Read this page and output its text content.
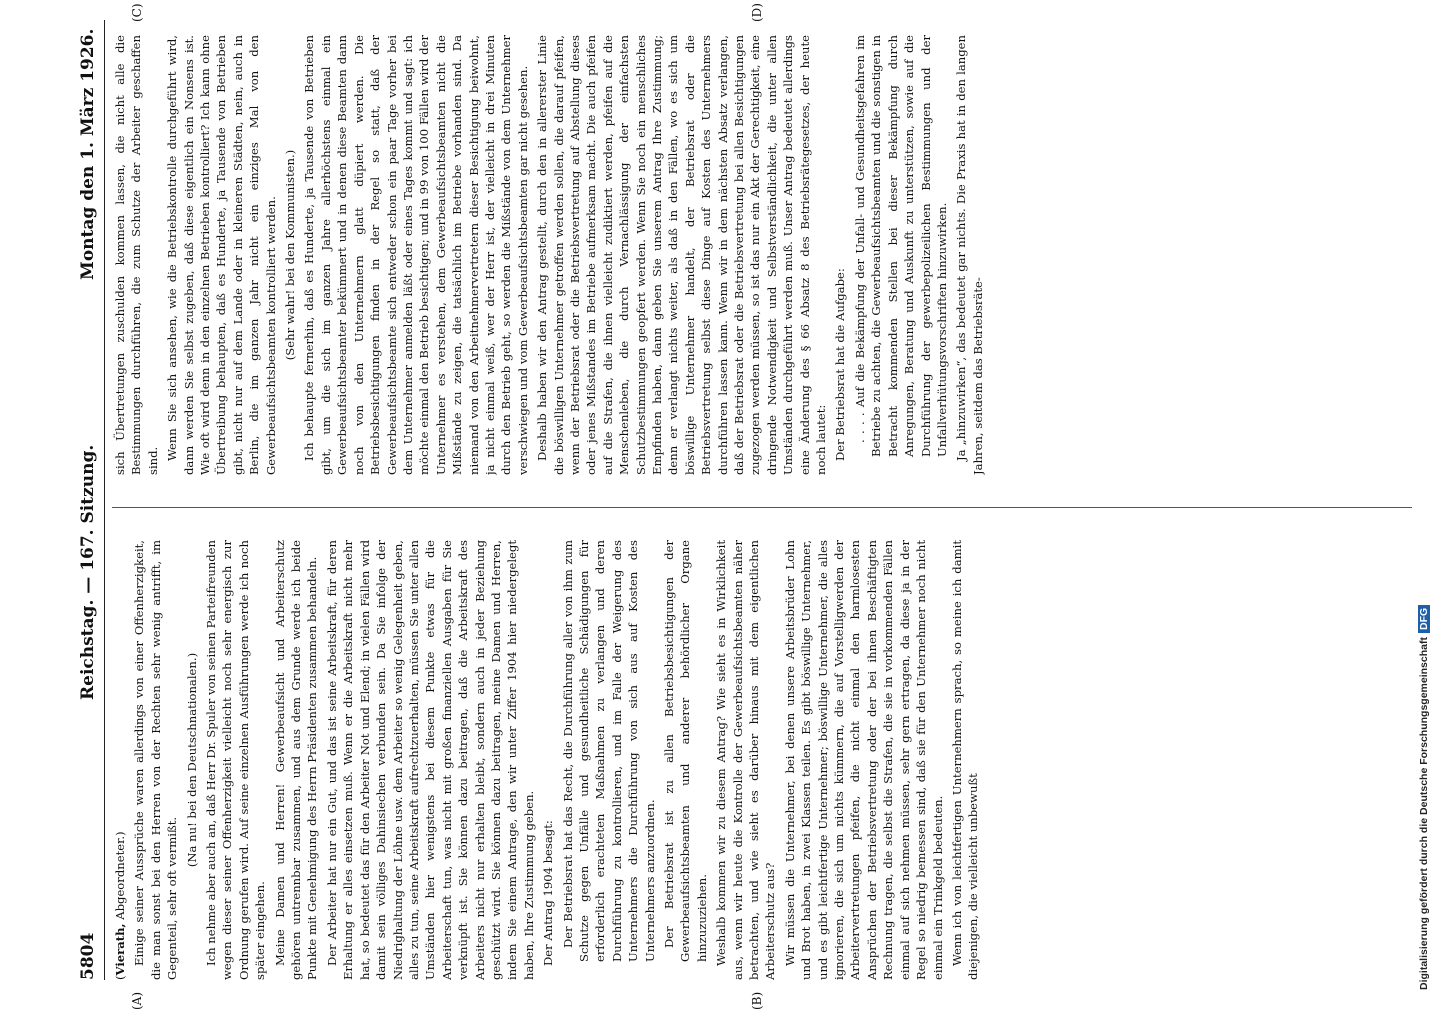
5804
Reichstag. — 167. Sitzung.
Montag den 1. März 1926.
(A)	(B)
(C)	(D)

(Vierath, Abgeordneter.) Einige seiner Aussprüche waren allerdings von einer Offenherzigkeit, die man sonst bei den Herren von der Rechten sehr wenig antrifft, im Gegenteil, sehr oft vermißt.

(Na nu! bei den Deutschnationalen.) Ich nehme aber auch an, daß Herr Dr. Spuler von seinen Parteifreunden wegen dieser seiner Offenherzigkeit vielleicht noch sehr energisch zur Ordnung gerufen wird. Auf seine einzelnen Ausführungen werde ich noch später eingehen. Meine Damen und Herren! Gewerbeaufsicht und Arbeiterschutz gehören untrennbar zusammen, und aus dem Grunde werde ich beide Punkte mit Genehmigung des Herrn Präsidenten zusammen behandeln. Der Arbeiter hat nur ein Gut, und das ist seine Arbeitskraft, für deren Erhaltung er alles einsetzen muß. Wenn er die Arbeitskraft nicht mehr hat, so bedeutet das für den Arbeiter Not und Elend; in vielen Fällen wird damit sein völliges Dahinsiechen verbunden sein. Da Sie infolge der Niedrighaltung der Löhne usw. dem Arbeiter so wenig Gelegenheit geben, alles zu tun, seine Arbeitskraft aufrechtzuerhalten, müssen Sie unter allen Umständen hier wenigstens bei diesem Punkte etwas für die Arbeiterschaft tun, was nicht mit großen finanziellen Ausgaben für Sie verknüpft ist. Sie können dazu beitragen, daß die Arbeitskraft des Arbeiters nicht nur erhalten bleibt, sondern auch in jeder Beziehung geschützt wird. Sie können dazu beitragen, meine Damen und Herren, indem Sie einem Antrage, den wir unter Ziffer 1904 hier niedergelegt haben, Ihre Zustimmung geben. Der Antrag 1904 besagt: Der Betriebsrat hat das Recht, die Durchführung aller von ihm zum Schutze gegen Unfälle und gesundheitliche Schädigungen für erforderlich erachteten Maßnahmen zu verlangen und deren Durchführung zu kontrollieren, und im Falle der Weigerung des Unternehmers die Durchführung von sich aus auf Kosten des Unternehmers anzuordnen. Der Betriebsrat ist zu allen Betriebsbesichtigungen der Gewerbeaufsichtsbeamten und anderer behördlicher Organe hinzuzuziehen. Weshalb kommen wir zu diesem Antrag? Wie sieht es in Wirklichkeit aus, wenn wir heute die Kontrolle der Gewerbeaufsichtsbeamten näher betrachten, und wie sieht es darüber hinaus mit dem eigentlichen Arbeiterschutz aus? Wir müssen die Unternehmer, bei denen unsere Arbeitsbrüder Lohn und Brot haben, in zwei Klassen teilen. Es gibt böswillige Unternehmer, und es gibt leichtfertige Unternehmer; böswillige Unternehmer, die alles ignorieren, die sich um nichts kümmern, die auf Vorstelligwerden der Arbeitervertretungen pfeifen, die nicht einmal den harmlosesten Ansprüchen der Betriebsvertretung oder der bei ihnen Beschäftigten Rechnung tragen, die selbst die Strafen, die sie in vorkommenden Fällen einmal auf sich nehmen müssen, sehr gern ertragen, da diese ja in der Regel so niedrig bemessen sind, daß sie für den Unternehmer noch nicht einmal ein Trinkgeld bedeuten. Wenn ich von leichtfertigen Unternehmern sprach, so meine ich damit diejenigen, die vielleicht unbewußt

sich Übertretungen zuschulden kommen lassen, die nicht alle die Bestimmungen durchführen, die zum Schutze der Arbeiter geschaffen sind. Wenn Sie sich ansehen, wie die Betriebskontrolle durchgeführt wird, dann werden Sie selbst zugeben, daß diese eigentlich ein Nonsens ist. Wie oft wird denn in den einzelnen Betrieben kontrolliert? Ich kann ohne Übertreibung behaupten, daß es Hunderte, ja Tausende von Betrieben gibt, nicht nur auf dem Lande oder in kleineren Städten, nein, auch in Berlin, die im ganzen Jahr nicht ein einziges Mal von den Gewerbeaufsichtsbeamten kontrolliert werden. (Sehr wahr! bei den Kommunisten.) Ich behaupte fernerhin, daß es Hunderte, ja Tausende von Betrieben gibt, um die sich im ganzen Jahre allerhöchstens einmal ein Gewerbeaufsichtsbeamter bekümmert und in denen diese Beamten dann noch von den Unternehmern glatt düpiert werden. Die Betriebsbesichtigungen finden in der Regel so statt, daß der Gewerbeaufsichtsbeamte sich entweder schon ein paar Tage vorher bei dem Unternehmer anmelden läßt oder eines Tages kommt und sagt: ich möchte einmal den Betrieb besichtigen; und in 99 von 100 Fällen wird der Unternehmer es verstehen, dem Gewerbeaufsichtsbeamten nicht die Mißstände zu zeigen, die tatsächlich im Betriebe vorhanden sind. Da niemand von den Arbeitnehmervertretern dieser Besichtigung beiwohnt, ja nicht einmal weiß, wer der Herr ist, der vielleicht in drei Minuten durch den Betrieb geht, so werden die Mißstände von dem Unternehmer verschwiegen und vom Gewerbeaufsichtsbeamten gar nicht gesehen. Deshalb haben wir den Antrag gestellt, durch den in allererster Linie die böswilligen Unternehmer getroffen werden sollen, die darauf pfeifen, wenn der Betriebsrat oder die Betriebsvertretung auf Abstellung dieses oder jenes Mißstandes im Betriebe aufmerksam macht. Die auch pfeifen auf die Strafen, die ihnen vielleicht zudiktiert werden, pfeifen auf die Menschenleben, die durch Vernachlässigung der einfachsten Schutzbestimmungen geopfert werden. Wenn Sie noch ein menschliches Empfinden haben, dann geben Sie unserem Antrag Ihre Zustimmung; denn er verlangt nichts weiter, als daß in den Fällen, wo es sich um böswillige Unternehmer handelt, der Betriebsrat oder die Betriebsvertretung selbst diese Dinge auf Kosten des Unternehmers durchführen lassen kann. Wenn wir in dem nächsten Absatz verlangen, daß der Betriebsrat oder die Betriebsvertretung bei allen Besichtigungen zugezogen werden müssen, so ist das nur ein Akt der Gerechtigkeit, eine dringende Notwendigkeit und Selbstverständlichkeit, die unter allen Umständen durchgeführt werden muß. Unser Antrag bedeutet allerdings eine Änderung des § 66 Absatz 8 des Betriebsrätegesetzes, der heute noch lautet: Der Betriebsrat hat die Aufgabe: . . . . Auf die Bekämpfung der Unfall- und Gesundheitsgefahren im Betriebe zu achten, die Gewerbeaufsichtsbeamten und die sonstigen in Betracht kommenden Stellen bei dieser Bekämpfung durch Anregungen, Beratung und Auskunft zu unterstützen, sowie auf die Durchführung der gewerbepolizeilichen Bestimmungen und der Unfallverhütungsvorschriften hinzuwirken. Ja „hinzuwirken“, das bedeutet gar nichts. Die Praxis hat in den langen Jahren, seitdem das Betriebsräte-

Digitalisierung gefördert durch die Deutsche ForschungsgemeinschaftDFG
